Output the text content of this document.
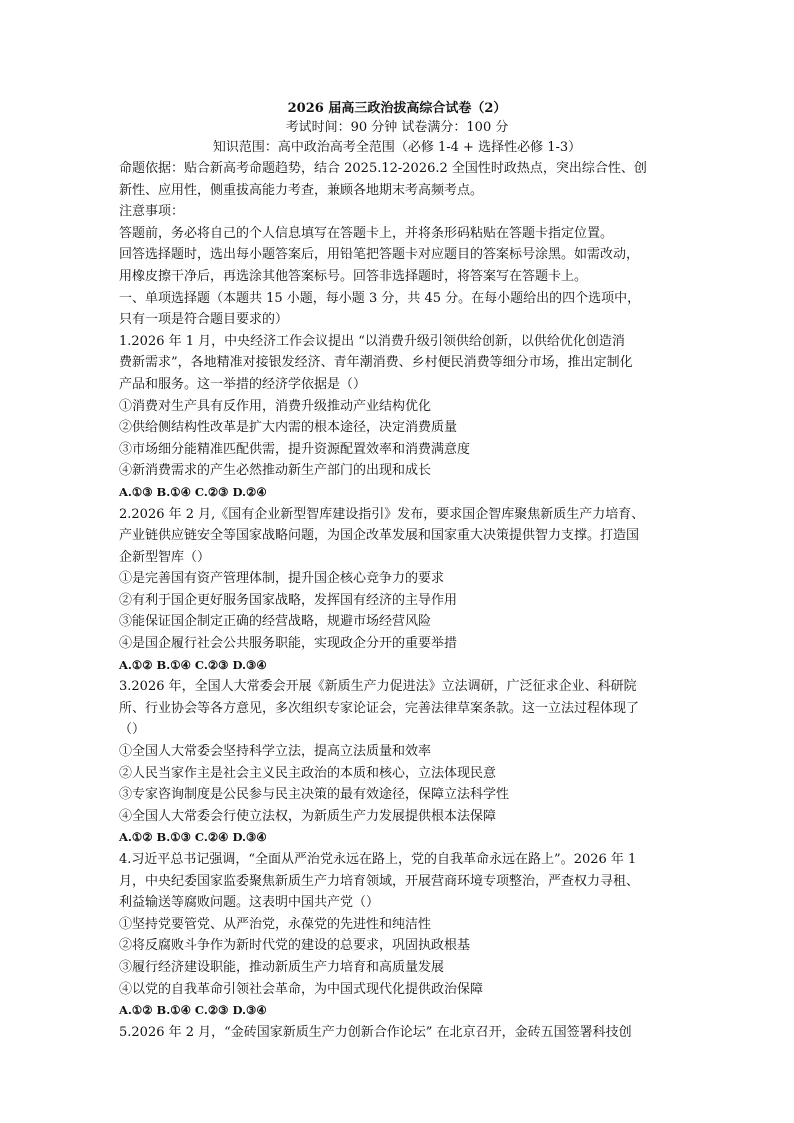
2026 届高三政治拔高综合试卷（2）
考试时间：90 分钟 试卷满分：100 分
知识范围：高中政治高考全范围（必修 1-4 + 选择性必修 1-3）

命题依据：贴合新高考命题趋势，结合 2025.12-2026.2 全国性时政热点，突出综合性、创

新性、应用性，侧重拔高能力考查，兼顾各地期末考高频考点。

注意事项：

答题前，务必将自己的个人信息填写在答题卡上，并将条形码粘贴在答题卡指定位置。

回答选择题时，选出每小题答案后，用铅笔把答题卡对应题目的答案标号涂黑。如需改动，

用橡皮擦干净后，再选涂其他答案标号。回答非选择题时，将答案写在答题卡上。

一、单项选择题（本题共 15 小题，每小题 3 分，共 45 分。在每小题给出的四个选项中，

只有一项是符合题目要求的）

1.2026 年 1 月，中央经济工作会议提出 “以消费升级引领供给创新，以供给优化创造消

费新需求”，各地精准对接银发经济、青年潮消费、乡村便民消费等细分市场，推出定制化

产品和服务。这一举措的经济学依据是（）

①消费对生产具有反作用，消费升级推动产业结构优化

②供给侧结构性改革是扩大内需的根本途径，决定消费质量

③市场细分能精准匹配供需，提升资源配置效率和消费满意度

④新消费需求的产生必然推动新生产部门的出现和成长

A.①③ B.①④ C.②③ D.②④

2.2026 年 2 月,《国有企业新型智库建设指引》发布，要求国企智库聚焦新质生产力培育、

产业链供应链安全等国家战略问题，为国企改革发展和国家重大决策提供智力支撑。打造国

企新型智库（）

①是完善国有资产管理体制，提升国企核心竞争力的要求

②有利于国企更好服务国家战略，发挥国有经济的主导作用

③能保证国企制定正确的经营战略，规避市场经营风险

④是国企履行社会公共服务职能，实现政企分开的重要举措

A.①② B.①④ C.②③ D.③④

3.2026 年，全国人大常委会开展《新质生产力促进法》立法调研，广泛征求企业、科研院

所、行业协会等各方意见，多次组织专家论证会，完善法律草案条款。这一立法过程体现了

（）

①全国人大常委会坚持科学立法，提高立法质量和效率

②人民当家作主是社会主义民主政治的本质和核心，立法体现民意

③专家咨询制度是公民参与民主决策的最有效途径，保障立法科学性

④全国人大常委会行使立法权，为新质生产力发展提供根本法保障

A.①② B.①③ C.②④ D.③④

4.习近平总书记强调，“全面从严治党永远在路上，党的自我革命永远在路上”。2026 年 1

月，中央纪委国家监委聚焦新质生产力培育领域，开展营商环境专项整治，严查权力寻租、

利益输送等腐败问题。这表明中国共产党（）

①坚持党要管党、从严治党，永葆党的先进性和纯洁性

②将反腐败斗争作为新时代党的建设的总要求，巩固执政根基

③履行经济建设职能，推动新质生产力培育和高质量发展

④以党的自我革命引领社会革命，为中国式现代化提供政治保障

A.①② B.①④ C.②③ D.③④

5.2026 年 2 月，“金砖国家新质生产力创新合作论坛” 在北京召开，金砖五国签署科技创
